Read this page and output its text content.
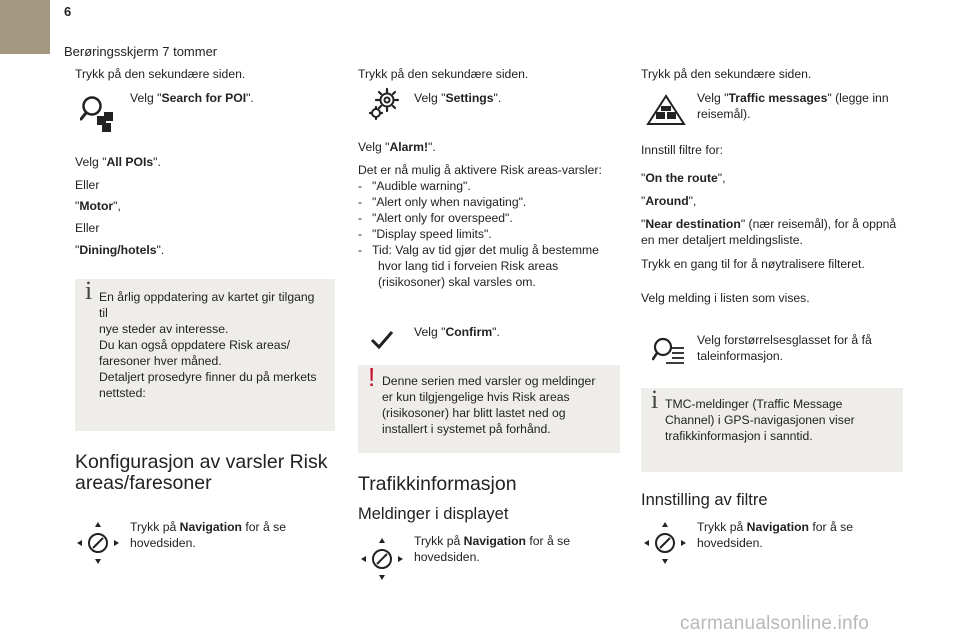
6
Berøringsskjerm 7 tommer
Trykk på den sekundære siden.
Velg "Search for POI".
Velg "All POIs".
Eller
"Motor",
Eller
"Dining/hotels".
i En årlig oppdatering av kartet gir tilgang til

nye steder av interesse.

Du kan også oppdatere Risk areas/

faresoner hver måned.

Detaljert prosedyre finner du på merkets

nettsted:

Konfigurasjon av varsler Risk
areas/faresoner
Trykk på Navigation for å se
hovedsiden.
Trykk på den sekundære siden.
Velg "Settings".
Velg "Alarm!".

Det er nå mulig å aktivere Risk areas-varsler:

- "Audible warning".
- "Alert only when navigating".
- "Alert only for overspeed".
- "Display speed limits".
- Tid: Valg av tid gjør det mulig å bestemme
hvor lang tid i forveien Risk areas
(risikosoner) skal varsles om.
Velg "Confirm".
! Denne serien med varsler og meldinger

er kun tilgjengelige hvis Risk areas

(risikosoner) har blitt lastet ned og

installert i systemet på forhånd.

Trafikkinformasjon
Meldinger i displayet
Trykk på Navigation for å se
hovedsiden.
Trykk på den sekundære siden.
Velg "Traffic messages" (legge inn
reisemål).
Innstill filtre for:
"On the route",
"Around",
"Near destination" (nær reisemål), for å oppnå
en mer detaljert meldingsliste.
Trykk en gang til for å nøytralisere filteret.
Velg melding i listen som vises.

Velg forstørrelsesglasset for å få

taleinformasjon.

i TMC-meldinger (Traffic Message

Channel) i GPS-navigasjonen viser

trafikkinformasjon i sanntid.

Innstilling av filtre
Trykk på Navigation for å se
hovedsiden.
carmanualsonline.info
